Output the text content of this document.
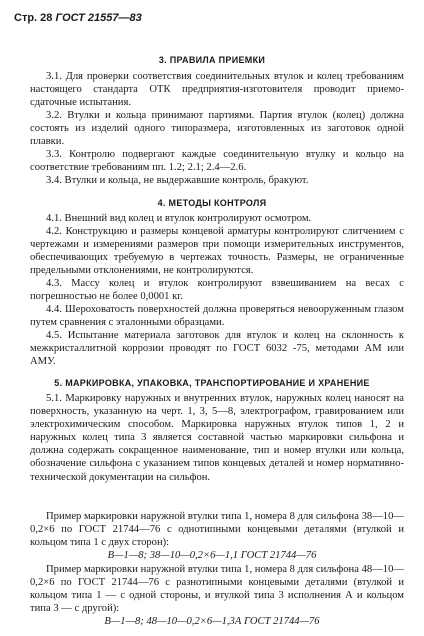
Стр. 28 ГОСТ 21557—83
3. ПРАВИЛА ПРИЕМКИ
3.1. Для проверки соответствия соединительных втулок и колец требованиям настоящего стандарта ОТК предприятия-изготовителя проводит приемо-сдаточные испытания.
3.2. Втулки и кольца принимают партиями. Партия втулок (колец) должна состоять из изделий одного типоразмера, изготовленных из заготовок одной плавки.
3.3. Контролю подвергают каждые соединительную втулку и кольцо на соответствие требованиям пп. 1.2; 2.1; 2.4—2.6.
3.4. Втулки и кольца, не выдержавшие контроль, бракуют.
4. МЕТОДЫ КОНТРОЛЯ
4.1. Внешний вид колец и втулок контролируют осмотром.
4.2. Конструкцию и размеры концевой арматуры контролируют слитчением с чертежами и измерениями размеров при помощи измерительных инструментов, обеспечивающих требуемую в чертежах точность. Размеры, не ограниченные предельными отклонениями, не контролируются.
4.3. Массу колец и втулок контролируют взвешиванием на весах с погрешностью не более 0,0001 кг.
4.4. Шероховатость поверхностей должна проверяться невооруженным глазом путем сравнения с эталонными образцами.
4.5. Испытание материала заготовок для втулок и колец на склонность к межкристаллитной коррозии проводят по ГОСТ 6032 -75, методами AM или АМУ.
5. МАРКИРОВКА, УПАКОВКА, ТРАНСПОРТИРОВАНИЕ И ХРАНЕНИЕ
5.1. Маркировку наружных и внутренних втулок, наружных колец наносят на поверхность, указанную на черт. 1, 3, 5—8, электрографом, гравированием или электрохимическим способом. Маркировка наружных втулок типов 1, 2 и наружных колец типа 3 является составной частью маркировки сильфона и должна содержать сокращенное наименование, тип и номер втулки или кольца, обозначение сильфона с указанием типов концевых деталей и номер нормативно-технической документации на сильфон.
Пример маркировки наружной втулки типа 1, номера 8 для сильфона 38—10—0,2×6 по ГОСТ 21744—76 с однотипными концевыми деталями (втулкой и кольцом типа 1 с двух сторон):
В—1—8; 38—10—0,2×6—1,1 ГОСТ 21744—76
Пример маркировки наружной втулки типа 1, номера 8 для сильфона 48—10—0,2×6 по ГОСТ 21744—76 с разнотипными концевыми деталями (втулкой и кольцом типа 1 — с одной стороны, и втулкой типа 3 исполнения А и кольцом типа 3 — с другой):
В—1—8; 48—10—0,2×6—1,3А ГОСТ 21744—76
